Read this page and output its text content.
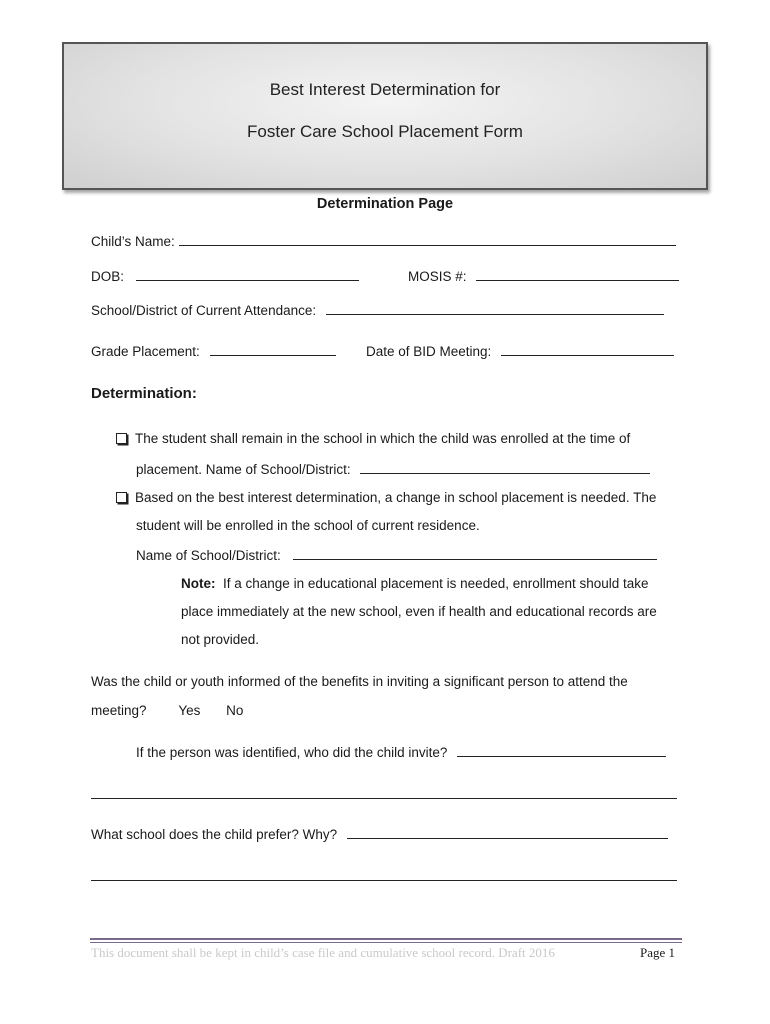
Best Interest Determination for
Foster Care School Placement Form
Determination Page
Child’s Name:
DOB:	MOSIS #:
School/District of Current Attendance:
Grade Placement:	Date of BID Meeting:
Determination:
The student shall remain in the school in which the child was enrolled at the time of
placement. Name of School/District:
Based on the best interest determination, a change in school placement is needed. The
student will be enrolled in the school of current residence.
Name of School/District:
Note: If a change in educational placement is needed, enrollment should take
place immediately at the new school, even if health and educational records are
not provided.
Was the child or youth informed of the benefits in inviting a significant person to attend the
meeting? Yes No
If the person was identified, who did the child invite?
What school does the child prefer? Why?
This document shall be kept in child’s case file and cumulative school record. Draft 2016	Page 1
